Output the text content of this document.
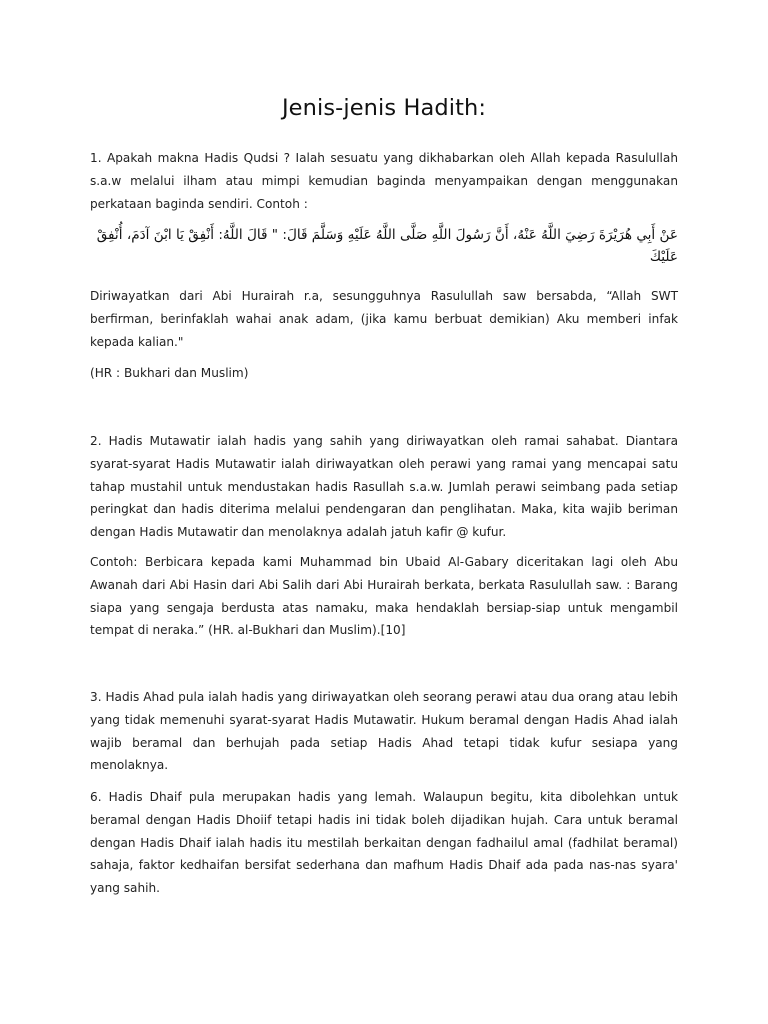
Jenis-jenis Hadith:

1. Apakah makna Hadis Qudsi ? Ialah sesuatu yang dikhabarkan oleh Allah kepada Rasulullah s.a.w melalui ilham atau mimpi kemudian baginda menyampaikan dengan menggunakan perkataan baginda sendiri. Contoh :

عَنْ أَبِي هُرَيْرَةَ رَضِيَ اللَّهُ عَنْهُ، أَنَّ رَسُولَ اللَّهِ صَلَّى اللَّهُ عَلَيْهِ وَسَلَّمَ قَالَ: " قَالَ اللَّهُ: أَنْفِقْ يَا ابْنَ آدَمَ، أُنْفِقْ عَلَيْكَ

Diriwayatkan dari Abi Hurairah r.a, sesungguhnya Rasulullah saw bersabda, “Allah SWT berfirman, berinfaklah wahai anak adam, (jika kamu berbuat demikian) Aku memberi infak kepada kalian."

(HR : Bukhari dan Muslim)

2. Hadis Mutawatir ialah hadis yang sahih yang diriwayatkan oleh ramai sahabat. Diantara syarat-syarat Hadis Mutawatir ialah diriwayatkan oleh perawi yang ramai yang mencapai satu tahap mustahil untuk mendustakan hadis Rasullah s.a.w. Jumlah perawi seimbang pada setiap peringkat dan hadis diterima melalui pendengaran dan penglihatan. Maka, kita wajib beriman dengan Hadis Mutawatir dan menolaknya adalah jatuh kafir @ kufur.

Contoh: Berbicara kepada kami Muhammad bin Ubaid Al-Gabary diceritakan lagi oleh Abu Awanah dari Abi Hasin dari Abi Salih dari Abi Hurairah berkata, berkata Rasulullah saw. : Barang siapa yang sengaja berdusta atas namaku, maka hendaklah bersiap-siap untuk mengambil tempat di neraka.” (HR. al-Bukhari dan Muslim).[10]

3. Hadis Ahad pula ialah hadis yang diriwayatkan oleh seorang perawi atau dua orang atau lebih yang tidak memenuhi syarat-syarat Hadis Mutawatir. Hukum beramal dengan Hadis Ahad ialah wajib beramal dan berhujah pada setiap Hadis Ahad tetapi tidak kufur sesiapa yang menolaknya.

6. Hadis Dhaif pula merupakan hadis yang lemah. Walaupun begitu, kita dibolehkan untuk beramal dengan Hadis Dhoiif tetapi hadis ini tidak boleh dijadikan hujah. Cara untuk beramal dengan Hadis Dhaif ialah hadis itu mestilah berkaitan dengan fadhailul amal (fadhilat beramal) sahaja, faktor kedhaifan bersifat sederhana dan mafhum Hadis Dhaif ada pada nas-nas syara' yang sahih.
